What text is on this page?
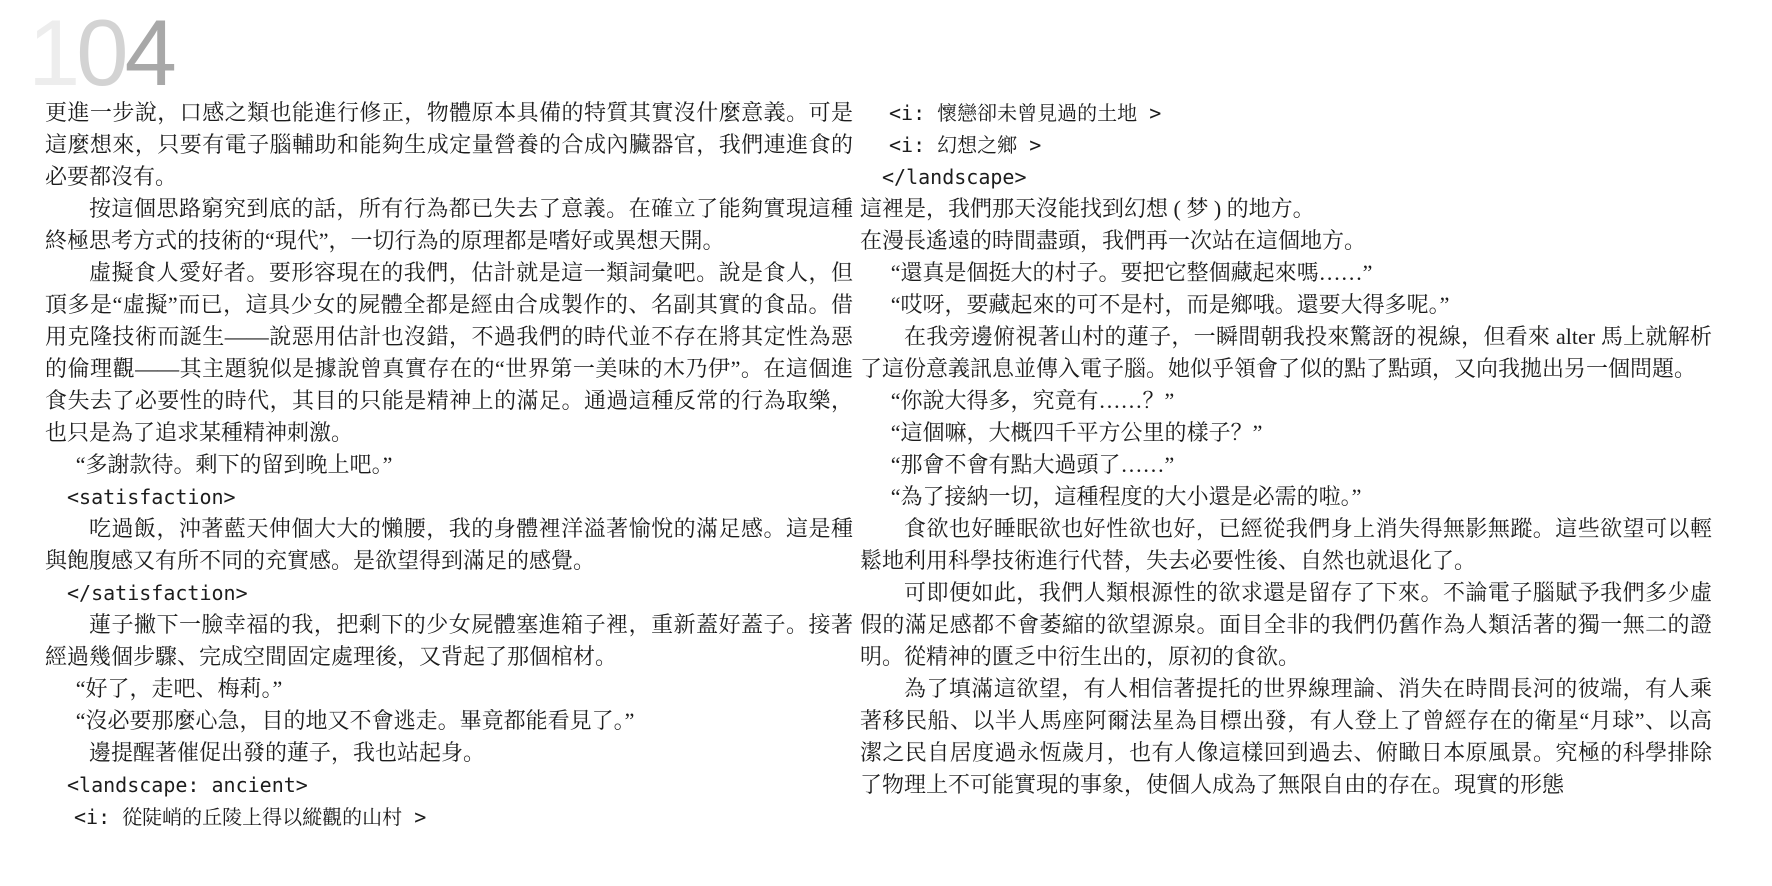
104

更進一步說，口感之類也能進行修正，物體原本具備的特質其實沒什麼意義。可是這麼想來，只要有電子腦輔助和能夠生成定量營養的合成內臟器官，我們連進食的必要都沒有。

按這個思路窮究到底的話，所有行為都已失去了意義。在確立了能夠實現這種終極思考方式的技術的“現代”，一切行為的原理都是嗜好或異想天開。

虛擬食人愛好者。要形容現在的我們，估計就是這一類詞彙吧。說是食人，但頂多是“虛擬”而已，這具少女的屍體全都是經由合成製作的、名副其實的食品。借用克隆技術而誕生——說惡用估計也沒錯，不過我們的時代並不存在將其定性為惡的倫理觀——其主題貌似是據說曾真實存在的“世界第一美味的木乃伊”。在這個進食失去了必要性的時代，其目的只能是精神上的滿足。通過這種反常的行為取樂，也只是為了追求某種精神刺激。

“多謝款待。剩下的留到晚上吧。”

<satisfaction>

吃過飯，沖著藍天伸個大大的懶腰，我的身體裡洋溢著愉悅的滿足感。這是種與飽腹感又有所不同的充實感。是欲望得到滿足的感覺。

</satisfaction>

蓮子撇下一臉幸福的我，把剩下的少女屍體塞進箱子裡，重新蓋好蓋子。接著經過幾個步驟、完成空間固定處理後，又背起了那個棺材。

“好了，走吧、梅莉。”

“沒必要那麼心急，目的地又不會逃走。畢竟都能看見了。”

邊提醒著催促出發的蓮子，我也站起身。

<landscape: ancient>

<i: 從陡峭的丘陵上得以縱觀的山村 >

<i: 懷戀卻未曾見過的土地 >

<i: 幻想之鄉 >

</landscape>

這裡是，我們那天沒能找到幻想 ( 梦 ) 的地方。

在漫長遙遠的時間盡頭，我們再一次站在這個地方。

“還真是個挺大的村子。要把它整個藏起來嗎……”

“哎呀，要藏起來的可不是村，而是鄉哦。還要大得多呢。”

在我旁邊俯視著山村的蓮子，一瞬間朝我投來驚訝的視線，但看來 alter 馬上就解析了這份意義訊息並傳入電子腦。她似乎領會了似的點了點頭，又向我拋出另一個問題。

“你說大得多，究竟有……？”

“這個嘛，大概四千平方公里的樣子？”

“那會不會有點大過頭了……”

“為了接納一切，這種程度的大小還是必需的啦。”

食欲也好睡眠欲也好性欲也好，已經從我們身上消失得無影無蹤。這些欲望可以輕鬆地利用科學技術進行代替，失去必要性後、自然也就退化了。

可即便如此，我們人類根源性的欲求還是留存了下來。不論電子腦賦予我們多少虛假的滿足感都不會萎縮的欲望源泉。面目全非的我們仍舊作為人類活著的獨一無二的證明。從精神的匱乏中衍生出的，原初的食欲。

為了填滿這欲望，有人相信著提托的世界線理論、消失在時間長河的彼端，有人乘著移民船、以半人馬座阿爾法星為目標出發，有人登上了曾經存在的衛星“月球”、以高潔之民自居度過永恆歲月，也有人像這樣回到過去、俯瞰日本原風景。究極的科學排除了物理上不可能實現的事象，使個人成為了無限自由的存在。現實的形態
